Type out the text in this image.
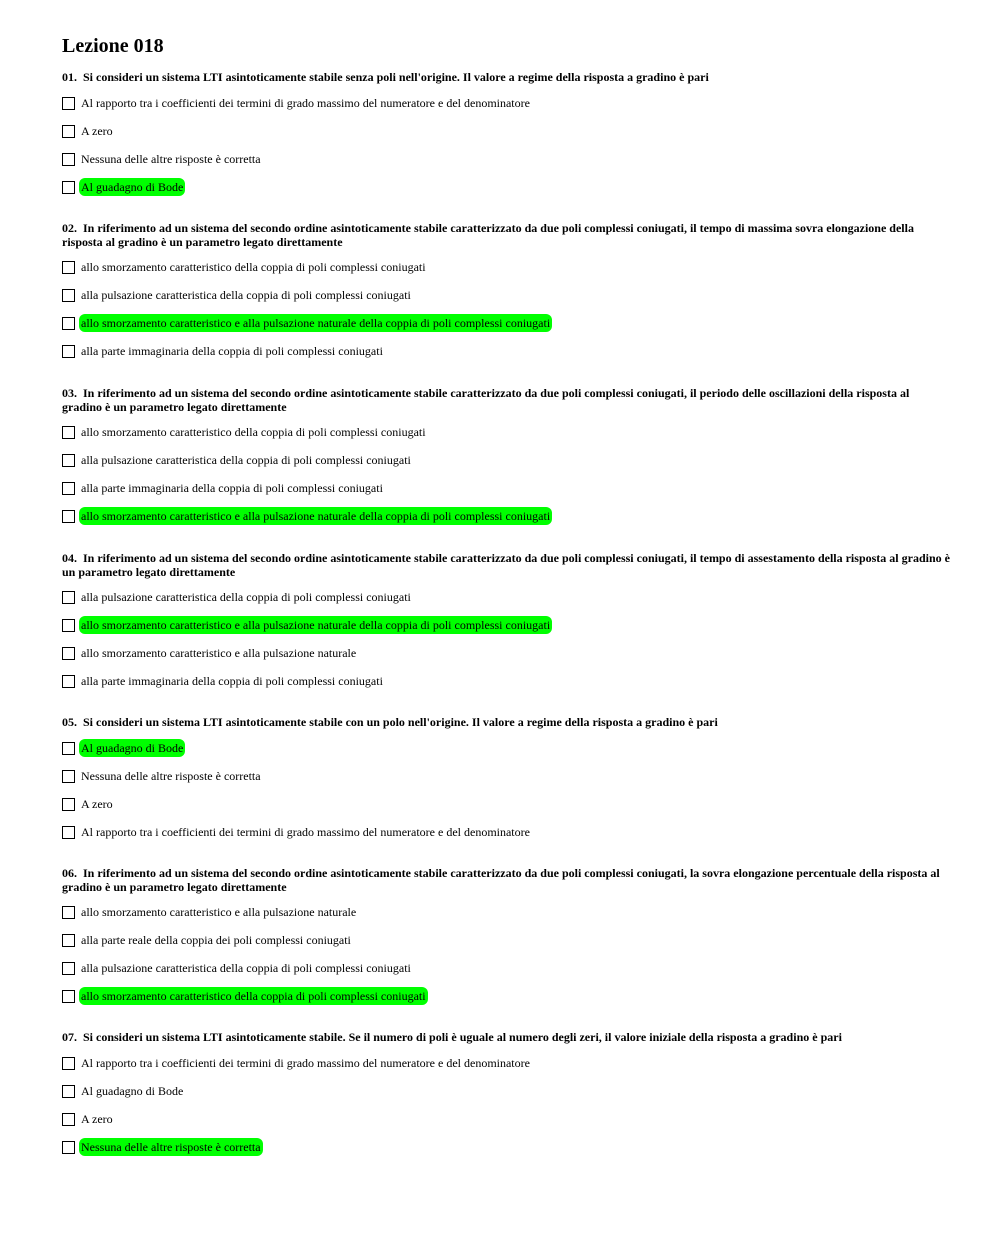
Lezione 018

01. Si consideri un sistema LTI asintoticamente stabile senza poli nell'origine. Il valore a regime della risposta a gradino è pari

Al rapporto tra i coefficienti dei termini di grado massimo del numeratore e del denominatore
A zero
Nessuna delle altre risposte è corretta
Al guadagno di Bode

02. In riferimento ad un sistema del secondo ordine asintoticamente stabile caratterizzato da due poli complessi coniugati, il tempo di massima sovra elongazione della risposta al gradino è un parametro legato direttamente

allo smorzamento caratteristico della coppia di poli complessi coniugati
alla pulsazione caratteristica della coppia di poli complessi coniugati
allo smorzamento caratteristico e alla pulsazione naturale della coppia di poli complessi coniugati
alla parte immaginaria della coppia di poli complessi coniugati

03. In riferimento ad un sistema del secondo ordine asintoticamente stabile caratterizzato da due poli complessi coniugati, il periodo delle oscillazioni della risposta al gradino è un parametro legato direttamente

allo smorzamento caratteristico della coppia di poli complessi coniugati
alla pulsazione caratteristica della coppia di poli complessi coniugati
alla parte immaginaria della coppia di poli complessi coniugati
allo smorzamento caratteristico e alla pulsazione naturale della coppia di poli complessi coniugati

04. In riferimento ad un sistema del secondo ordine asintoticamente stabile caratterizzato da due poli complessi coniugati, il tempo di assestamento della risposta al gradino è un parametro legato direttamente

alla pulsazione caratteristica della coppia di poli complessi coniugati
allo smorzamento caratteristico e alla pulsazione naturale della coppia di poli complessi coniugati
allo smorzamento caratteristico e alla pulsazione naturale
alla parte immaginaria della coppia di poli complessi coniugati

05. Si consideri un sistema LTI asintoticamente stabile con un polo nell'origine. Il valore a regime della risposta a gradino è pari

Al guadagno di Bode
Nessuna delle altre risposte è corretta
A zero
Al rapporto tra i coefficienti dei termini di grado massimo del numeratore e del denominatore

06. In riferimento ad un sistema del secondo ordine asintoticamente stabile caratterizzato da due poli complessi coniugati, la sovra elongazione percentuale della risposta al gradino è un parametro legato direttamente

allo smorzamento caratteristico e alla pulsazione naturale
alla parte reale della coppia dei poli complessi coniugati
alla pulsazione caratteristica della coppia di poli complessi coniugati
allo smorzamento caratteristico della coppia di poli complessi coniugati

07. Si consideri un sistema LTI asintoticamente stabile. Se il numero di poli è uguale al numero degli zeri, il valore iniziale della risposta a gradino è pari

Al rapporto tra i coefficienti dei termini di grado massimo del numeratore e del denominatore
Al guadagno di Bode
A zero
Nessuna delle altre risposte è corretta
